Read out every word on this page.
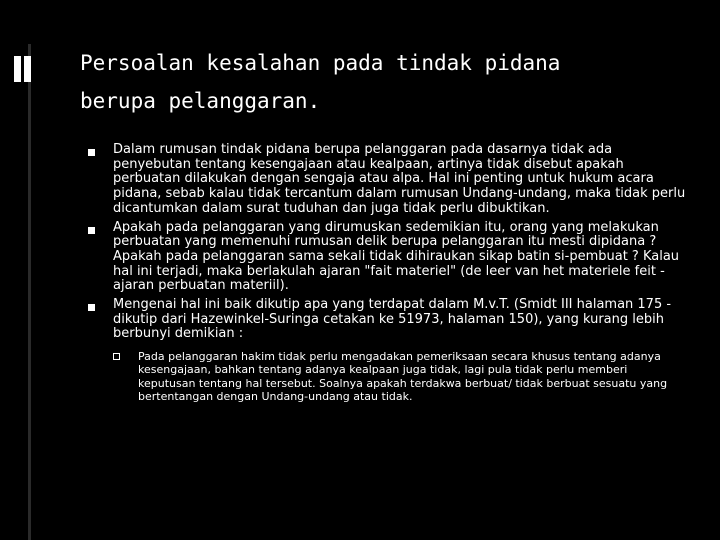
Persoalan kesalahan pada tindak pidana
berupa pelanggaran.
Dalam rumusan tindak pidana berupa pelanggaran pada dasarnya tidak ada penyebutan tentang kesengajaan atau kealpaan, artinya tidak disebut apakah perbuatan dilakukan dengan sengaja atau alpa. Hal ini penting untuk hukum acara pidana, sebab kalau tidak tercantum dalam rumusan Undang-undang, maka tidak perlu dicantumkan dalam surat tuduhan dan juga tidak perlu dibuktikan.
Apakah pada pelanggaran yang dirumuskan sedemikian itu, orang yang melakukan perbuatan yang memenuhi rumusan delik berupa pelanggaran itu mesti dipidana ? Apakah pada pelanggaran sama sekali tidak dihiraukan sikap batin si-pembuat ? Kalau hal ini terjadi, maka berlakulah ajaran "fait materiel" (de leer van het materiele feit - ajaran perbuatan materiil).
Mengenai hal ini baik dikutip apa yang terdapat dalam M.v.T. (Smidt III halaman 175 - dikutip dari Hazewinkel-Suringa cetakan ke 51973, halaman 150), yang kurang lebih berbunyi demikian :
Pada pelanggaran hakim tidak perlu mengadakan pemeriksaan secara khusus tentang adanya kesengajaan, bahkan tentang adanya kealpaan juga tidak, lagi pula tidak perlu memberi keputusan tentang hal tersebut. Soalnya apakah terdakwa berbuat/ tidak berbuat sesuatu yang bertentangan dengan Undang-undang atau tidak.
